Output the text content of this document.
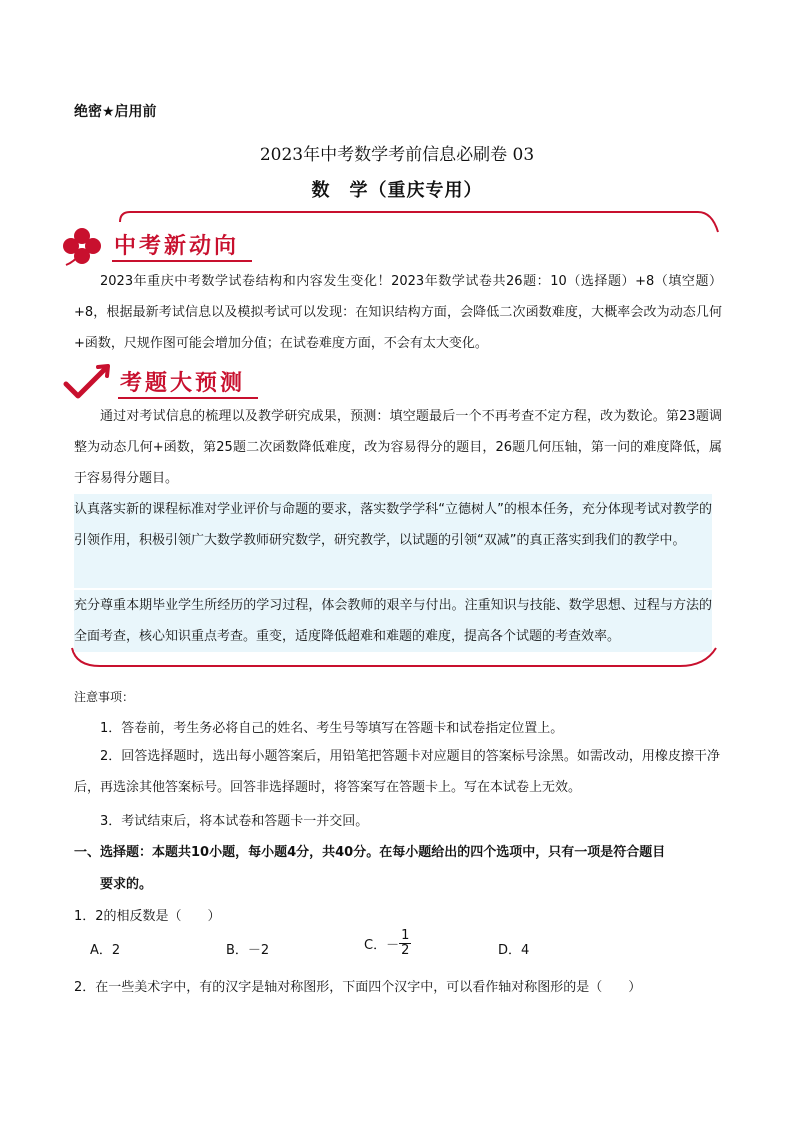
绝密★启用前
2023年中考数学考前信息必刷卷 03
数　学（重庆专用）
中考新动向
2023年重庆中考数学试卷结构和内容发生变化！2023年数学试卷共26题：10（选择题）+8（填空题）+8，根据最新考试信息以及模拟考试可以发现：在知识结构方面，会降低二次函数难度，大概率会改为动态几何+函数，尺规作图可能会增加分值；在试卷难度方面，不会有太大变化。
考题大预测
通过对考试信息的梳理以及教学研究成果，预测：填空题最后一个不再考查不定方程，改为数论。第23题调整为动态几何+函数，第25题二次函数降低难度，改为容易得分的题目，26题几何压轴，第一问的难度降低，属于容易得分题目。
认真落实新的课程标准对学业评价与命题的要求，落实数学学科“立德树人”的根本任务，充分体现考试对教学的引领作用，积极引领广大数学教师研究数学，研究教学，以试题的引领“双减”的真正落实到我们的教学中。
充分尊重本期毕业学生所经历的学习过程，体会教师的艰辛与付出。注重知识与技能、数学思想、过程与方法的全面考查，核心知识重点考查。重变，适度降低超难和难题的难度，提高各个试题的考查效率。
注意事项：
1．答卷前，考生务必将自己的姓名、考生号等填写在答题卡和试卷指定位置上。
2．回答选择题时，选出每小题答案后，用铅笔把答题卡对应题目的答案标号涂黑。如需改动，用橡皮擦干净后，再选涂其他答案标号。回答非选择题时，将答案写在答题卡上。写在本试卷上无效。
3．考试结束后，将本试卷和答题卡一并交回。
一、选择题：本题共10小题，每小题4分，共40分。在每小题给出的四个选项中，只有一项是符合题目
要求的。
1．2的相反数是（　　）
A．2	B．－2	C．－ $\frac{1}{2}$	D．4
2．在一些美术字中，有的汉字是轴对称图形，下面四个汉字中，可以看作轴对称图形的是（　　）
